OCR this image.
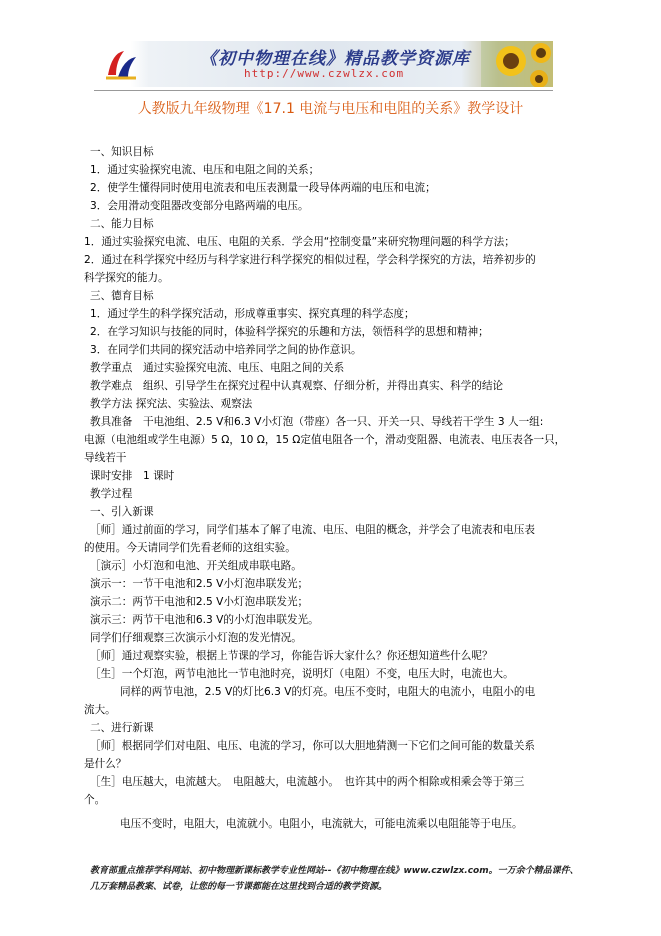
《初中物理在线》精品教学资源库
http://www.czwlzx.com
人教版九年级物理《17.1 电流与电压和电阻的关系》教学设计
一、知识目标
1．通过实验探究电流、电压和电阻之间的关系；
2．使学生懂得同时使用电流表和电压表测量一段导体两端的电压和电流；
3．会用滑动变阻器改变部分电路两端的电压。
二、能力目标
1．通过实验探究电流、电压、电阻的关系．学会用“控制变量”来研究物理问题的科学方法；
2．通过在科学探究中经历与科学家进行科学探究的相似过程，学会科学探究的方法，培养初步的
科学探究的能力。
三、德育目标
1．通过学生的科学探究活动，形成尊重事实、探究真理的科学态度；
2．在学习知识与技能的同时，体验科学探究的乐趣和方法，领悟科学的思想和精神；
3．在同学们共同的探究活动中培养同学之间的协作意识。
教学重点　通过实验探究电流、电压、电阻之间的关系
教学难点　组织、引导学生在探究过程中认真观察、仔细分析，并得出真实、科学的结论
教学方法 探究法、实验法、观察法
教具准备　干电池组、2.5 V和6.3 V小灯泡（带座）各一只、开关一只、导线若干学生 3 人一组:
电源（电池组或学生电源）5 Ω，10 Ω，15 Ω定值电阻各一个，滑动变阻器、电流表、电压表各一只，
导线若干
课时安排　1 课时
教学过程
一、引入新课
［师］通过前面的学习，同学们基本了解了电流、电压、电阻的概念，并学会了电流表和电压表
的使用。今天请同学们先看老师的这组实验。
［演示］小灯泡和电池、开关组成串联电路。
演示一：一节干电池和2.5 V小灯泡串联发光；
演示二：两节干电池和2.5 V小灯泡串联发光；
演示三：两节干电池和6.3 V的小灯泡串联发光。
同学们仔细观察三次演示小灯泡的发光情况。
［师］通过观察实验，根据上节课的学习，你能告诉大家什么？你还想知道些什么呢？
［生］一个灯泡，两节电池比一节电池时亮，说明灯（电阻）不变，电压大时，电流也大。
同样的两节电池，2.5 V的灯比6.3 V的灯亮。电压不变时，电阻大的电流小，电阻小的电
流大。
二、进行新课
［师］根据同学们对电阻、电压、电流的学习，你可以大胆地猜测一下它们之间可能的数量关系
是什么？
［生］电压越大，电流越大。　电阻越大，电流越小。　也许其中的两个相除或相乘会等于第三
个。
电压不变时，电阻大，电流就小。电阻小，电流就大，可能电流乘以电阻能等于电压。
教育部重点推荐学科网站、初中物理新课标教学专业性网站--《初中物理在线》www.czwlzx.com。一万余个精品课件、
几万套精品教案、试卷，让您的每一节课都能在这里找到合适的教学资源。
